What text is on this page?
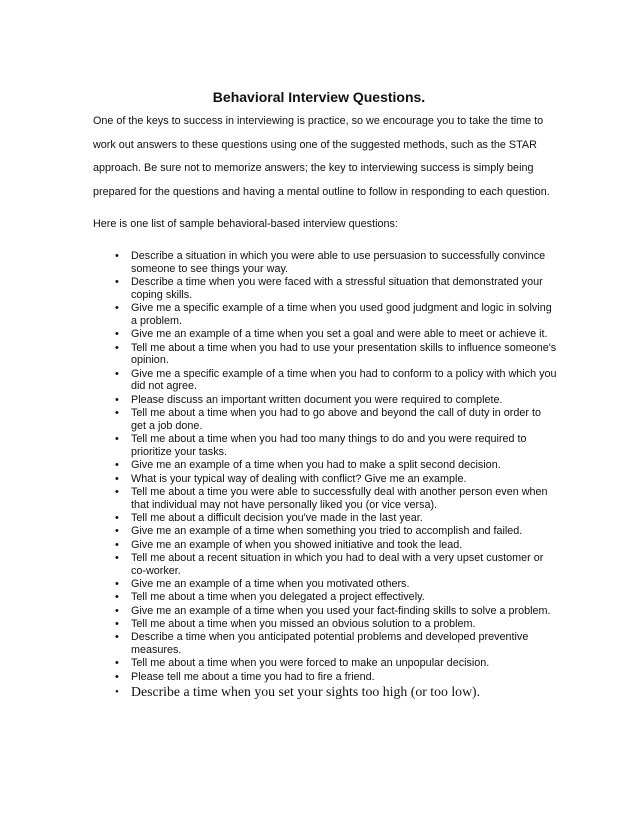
Behavioral Interview Questions.

One of the keys to success in interviewing is practice, so we encourage you to take the time to
work out answers to these questions using one of the suggested methods, such as the STAR
approach. Be sure not to memorize answers; the key to interviewing success is simply being
prepared for the questions and having a mental outline to follow in responding to each question.

Here is one list of sample behavioral-based interview questions:

•	Describe a situation in which you were able to use persuasion to successfully convince
someone to see things your way.
•	Describe a time when you were faced with a stressful situation that demonstrated your
coping skills.
•	Give me a specific example of a time when you used good judgment and logic in solving
a problem.
•	Give me an example of a time when you set a goal and were able to meet or achieve it.
•	Tell me about a time when you had to use your presentation skills to influence someone's
opinion.
•	Give me a specific example of a time when you had to conform to a policy with which you
did not agree.
•	Please discuss an important written document you were required to complete.
•	Tell me about a time when you had to go above and beyond the call of duty in order to
get a job done.
•	Tell me about a time when you had too many things to do and you were required to
prioritize your tasks.
•	Give me an example of a time when you had to make a split second decision.
•	What is your typical way of dealing with conflict? Give me an example.
•	Tell me about a time you were able to successfully deal with another person even when
that individual may not have personally liked you (or vice versa).
•	Tell me about a difficult decision you've made in the last year.
•	Give me an example of a time when something you tried to accomplish and failed.
•	Give me an example of when you showed initiative and took the lead.
•	Tell me about a recent situation in which you had to deal with a very upset customer or
co-worker.
•	Give me an example of a time when you motivated others.
•	Tell me about a time when you delegated a project effectively.
•	Give me an example of a time when you used your fact-finding skills to solve a problem.
•	Tell me about a time when you missed an obvious solution to a problem.
•	Describe a time when you anticipated potential problems and developed preventive
measures.
•	Tell me about a time when you were forced to make an unpopular decision.
•	Please tell me about a time you had to fire a friend.
• Describe a time when you set your sights too high (or too low).
